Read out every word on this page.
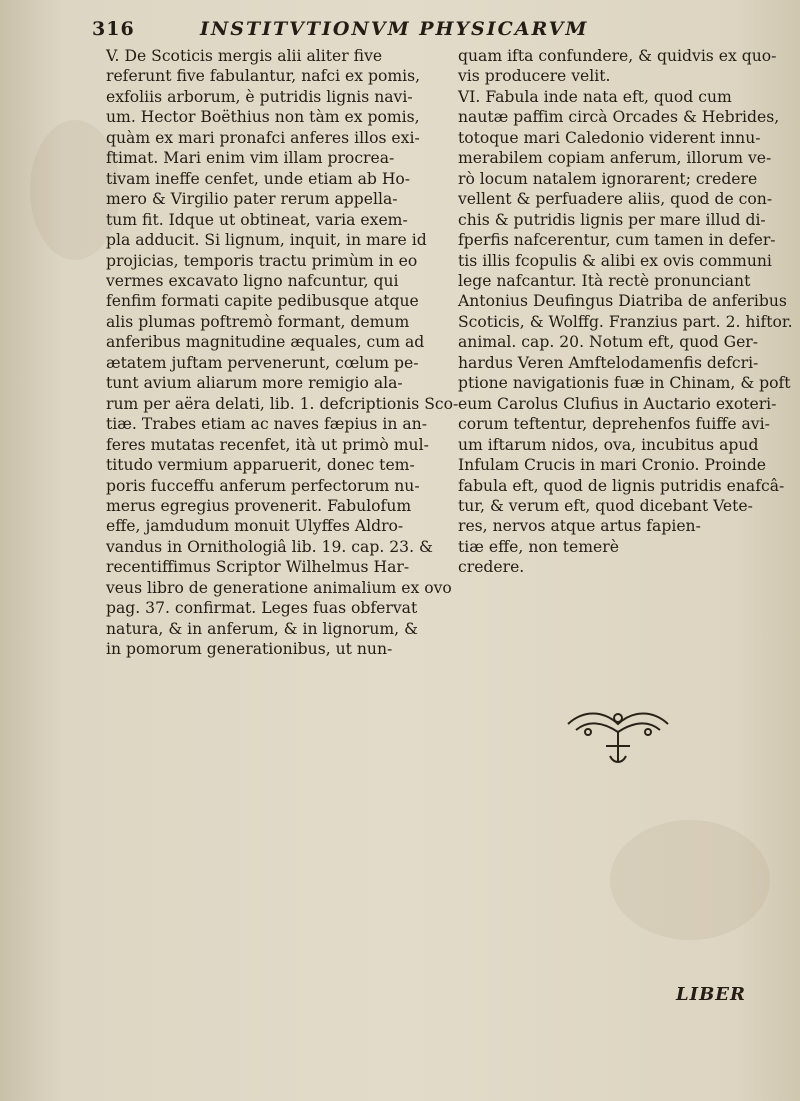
316	INSTITVTIONVM PHYSICARVM
V. De Scoticis mergis alii aliter five
referunt five fabulantur, nafci ex pomis,
exfoliis arborum, è putridis lignis navi-
um. Hector Boëthius non tàm ex pomis,
quàm ex mari pronafci anferes illos exi-
ftimat. Mari enim vim illam procrea-
tivam ineffe cenfet, unde etiam ab Ho-
mero & Virgilio pater rerum appella-
tum fit. Idque ut obtineat, varia exem-
pla adducit. Si lignum, inquit, in mare id
projicias, temporis tractu primùm in eo
vermes excavato ligno nafcuntur, qui
fenfim formati capite pedibusque atque
alis plumas poftremò formant, demum
anferibus magnitudine æquales, cum ad
ætatem juftam pervenerunt, cœlum pe-
tunt avium aliarum more remigio ala-
rum per aëra delati, lib. 1. defcriptionis Sco-
tiæ. Trabes etiam ac naves fæpius in an-
feres mutatas recenfet, ità ut primò mul-
titudo vermium apparuerit, donec tem-
poris fucceffu anferum perfectorum nu-
merus egregius provenerit. Fabulofum
effe, jamdudum monuit Ulyffes Aldro-
vandus in Ornithologiâ lib. 19. cap. 23. &
recentiffimus Scriptor Wilhelmus Har-
veus libro de generatione animalium ex ovo
pag. 37. confirmat. Leges fuas obfervat
natura, & in anferum, & in lignorum, &
in pomorum generationibus, ut nun-
quam ifta confundere, & quidvis ex quo-
vis producere velit.
VI. Fabula inde nata eft, quod cum
nautæ paffim circà Orcades & Hebrides,
totoque mari Caledonio viderent innu-
merabilem copiam anferum, illorum ve-
rò locum natalem ignorarent; credere
vellent & perfuadere aliis, quod de con-
chis & putridis lignis per mare illud di-
fperfis nafcerentur, cum tamen in defer-
tis illis fcopulis & alibi ex ovis communi
lege nafcantur. Ità rectè pronunciant
Antonius Deufingus Diatriba de anferibus
Scoticis, & Wolffg. Franzius part. 2. hiftor.
animal. cap. 20. Notum eft, quod Ger-
hardus Veren Amftelodamenfis defcri-
ptione navigationis fuæ in Chinam, & poft
eum Carolus Clufius in Auctario exoteri-
corum teftentur, deprehenfos fuiffe avi-
um iftarum nidos, ova, incubitus apud
Infulam Crucis in mari Cronio. Proinde
fabula eft, quod de lignis putridis enafcâ-
tur, & verum eft, quod dicebant Vete-
res, nervos atque artus fapien-
tiæ effe, non temerè
credere.
LIBER
